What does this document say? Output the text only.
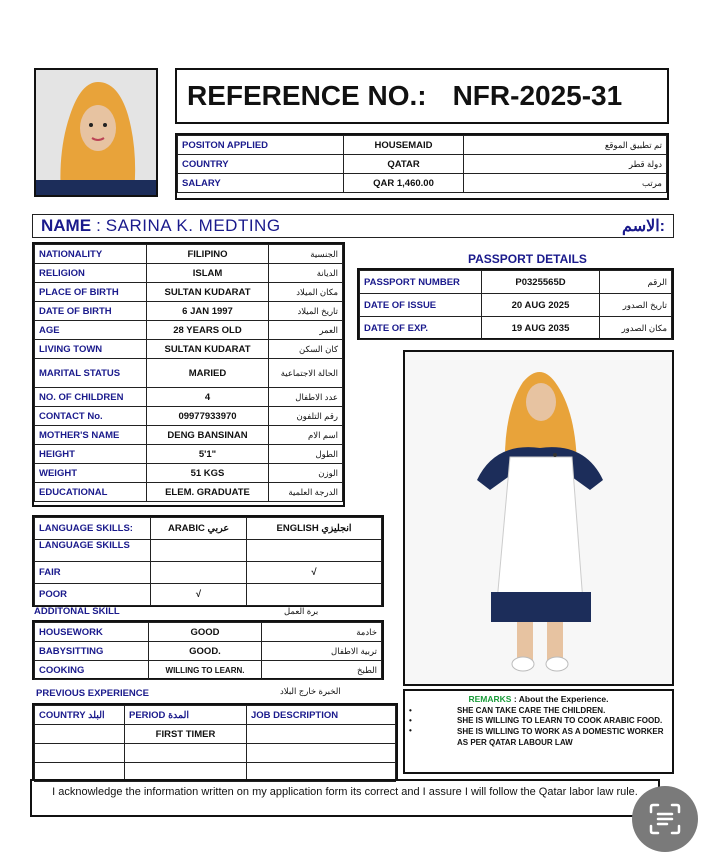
REFERENCE NO.: NFR-2025-31
POSITON APPLIED	HOUSEMAID	تم تطبيق الموقع
COUNTRY	QATAR	دولة قطر
SALARY	QAR 1,460.00	مرتب
NAME : SARINA K. MEDTING	الاسم:
NATIONALITY	FILIPINO	الجنسية
RELIGION	ISLAM	الديانة
PLACE OF BIRTH	SULTAN KUDARAT	مكان الميلاد
DATE OF BIRTH	6 JAN 1997	تاريخ الميلاد
AGE	28 YEARS OLD	العمر
LIVING TOWN	SULTAN KUDARAT	كان السكن
MARITAL STATUS	MARIED	الحالة الاجتماعية
NO. OF CHILDREN	4	عدد الاطفال
CONTACT No.	09977933970	رقم التلفون
MOTHER'S NAME	DENG BANSINAN	اسم الام
HEIGHT	5'1"	الطول
WEIGHT	51 KGS	الوزن
EDUCATIONAL	ELEM. GRADUATE	الدرجة العلمية
PASSPORT DETAILS
PASSPORT NUMBER	P0325565D	الرقم
DATE OF ISSUE	20 AUG 2025	تاريخ الصدور
DATE OF EXP.	19 AUG 2035	مكان الصدور
LANGUAGE SKILLS:	ARABIC عربي	ENGLISH انجليزي
LANGUAGE SKILLS		
FAIR		√
POOR	√	
ADDITONAL SKILL	برة العمل
HOUSEWORK	GOOD	خادمة
BABYSITTING	GOOD.	تربية الاطفال
COOKING	WILLING TO LEARN.	الطبخ
PREVIOUS EXPERIENCE	الخبرة خارج البلاد
COUNTRY البلد	PERIOD المدة	JOB DESCRIPTION
	FIRST TIMER	

REMARKS : About the Experience.
•	SHE CAN TAKE CARE THE CHILDREN.
•	SHE IS WILLING TO LEARN TO COOK ARABIC FOOD.
•	SHE IS WILLING TO WORK AS A DOMESTIC WORKER AS PER QATAR LABOUR LAW
I acknowledge the information written on my application form its correct and I assure I will follow the Qatar labor law rule.
